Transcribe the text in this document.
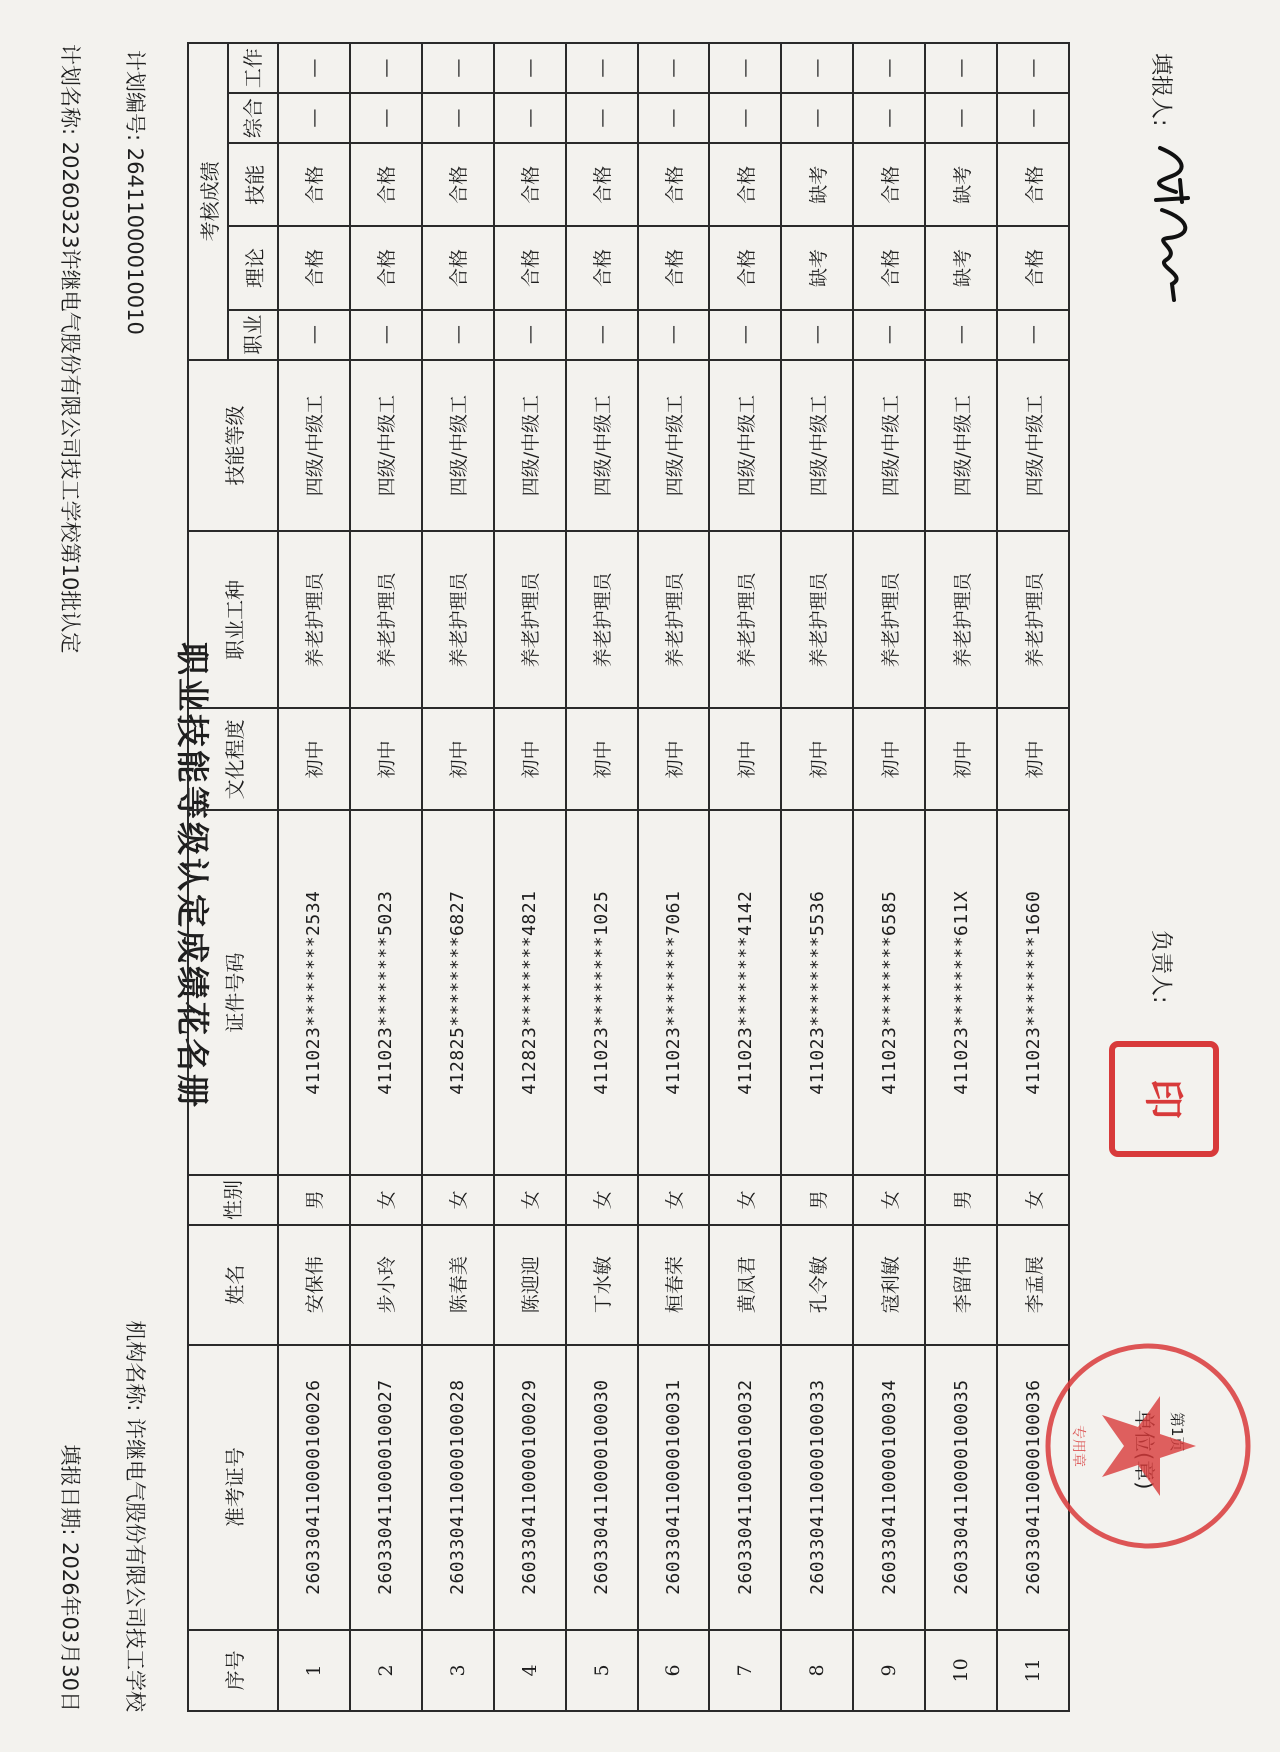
职业技能等级认定成绩花名册
计划名称: 20260323许继电气股份有限公司技工学校第10批认定
计划编号: 26411000010010
填报日期: 2026年03月30日
机构名称: 许继电气股份有限公司技工学校	序号	准考证号	姓名	性别	证件号码	文化程度	职业工种	技能等级	考核成绩				
								职业	理论	技能	综合	工作
1	2603304110000100026	安保伟	男	411023********2534	初中	养老护理员	四级/中级工	—	合格	合格	—	—
2	2603304110000100027	步小玲	女	411023********5023	初中	养老护理员	四级/中级工	—	合格	合格	—	—
3	2603304110000100028	陈春美	女	412825********6827	初中	养老护理员	四级/中级工	—	合格	合格	—	—
4	2603304110000100029	陈迎迎	女	412823********4821	初中	养老护理员	四级/中级工	—	合格	合格	—	—
5	2603304110000100030	丁水敏	女	411023********1025	初中	养老护理员	四级/中级工	—	合格	合格	—	—
6	2603304110000100031	桓春荣	女	411023********7061	初中	养老护理员	四级/中级工	—	合格	合格	—	—
7	2603304110000100032	黄凤君	女	411023********4142	初中	养老护理员	四级/中级工	—	合格	合格	—	—
8	2603304110000100033	孔令敏	男	411023********5536	初中	养老护理员	四级/中级工	—	缺考	缺考	—	—
9	2603304110000100034	寇利敏	女	411023********6585	初中	养老护理员	四级/中级工	—	合格	合格	—	—
10	2603304110000100035	李留伟	男	411023********611X	初中	养老护理员	四级/中级工	—	缺考	缺考	—	—
11	2603304110000100036	李孟展	女	411023********1660	初中	养老护理员	四级/中级工	—	合格	合格	—	—	填报人:
负责人:
印
第1页
专用章
